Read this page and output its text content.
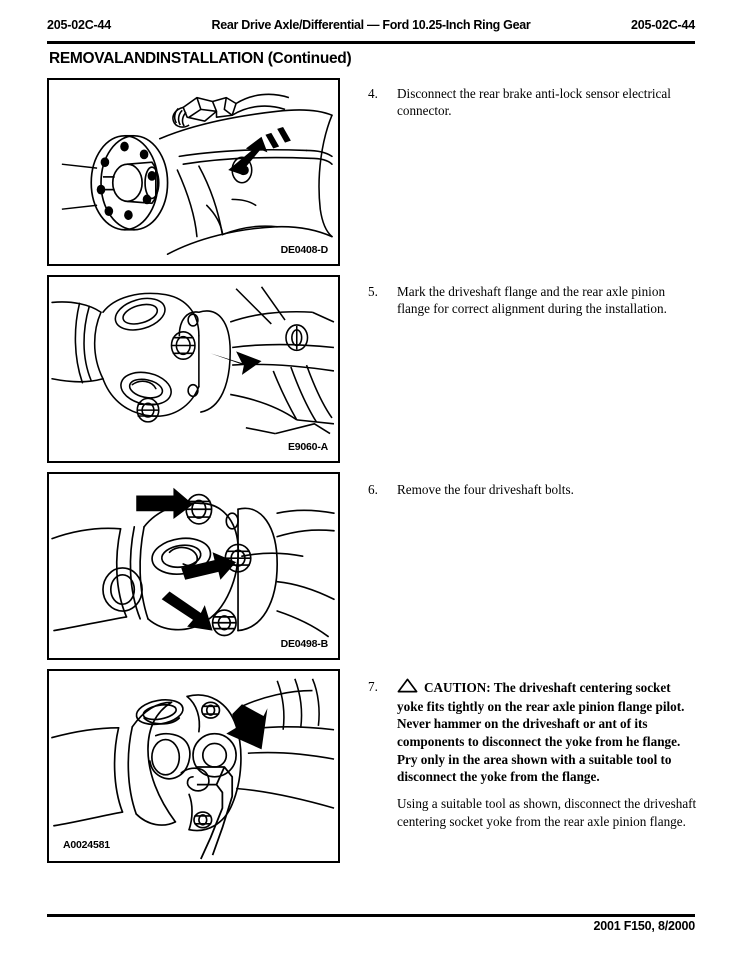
205-02C-44	Rear Drive Axle/Differential — Ford 10.25-Inch Ring Gear	205-02C-44
REMOVALANDINSTALLATION (Continued)
DE0408-D
E9060-A
DE0498-B
A0024581
4.	Disconnect the rear brake anti-lock sensor electrical connector.

5.	Mark the driveshaft flange and the rear axle pinion flange for correct alignment during the installation.

6.	Remove the four driveshaft bolts.

7.	CAUTION: The driveshaft centering socket yoke fits tightly on the rear axle pinion flange pilot. Never hammer on the driveshaft or ant of its components to disconnect the yoke from he flange. Pry only in the area shown with a suitable tool to disconnect the yoke from the flange.

Using a suitable tool as shown, disconnect the driveshaft centering socket yoke from the rear axle pinion flange.

2001 F150, 8/2000
